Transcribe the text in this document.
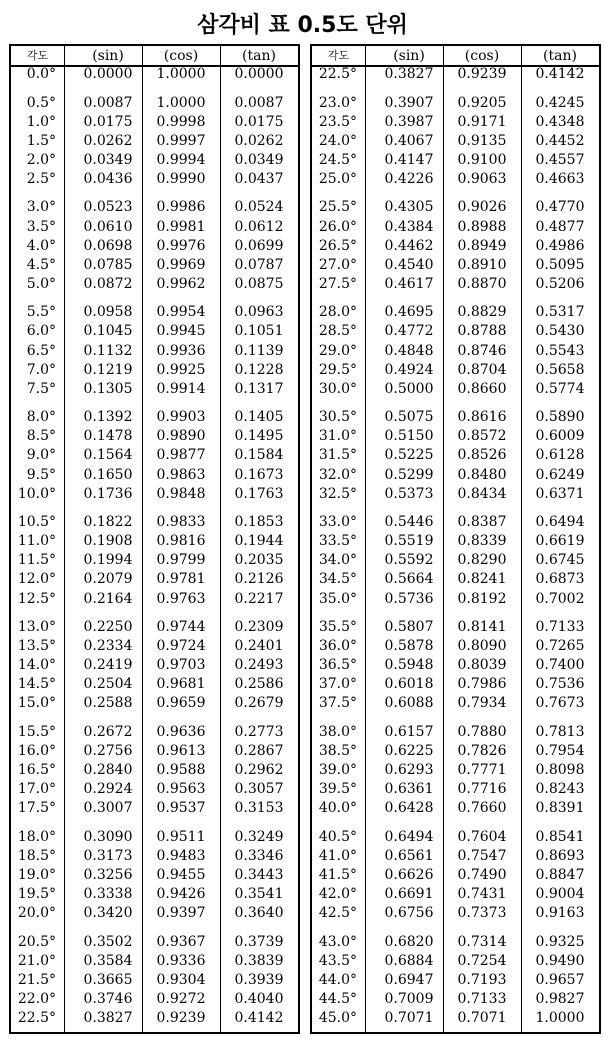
삼각비 표 0.5도 단위
각도	(sin)	(cos)	(tan)
0.0°	0.0000	1.0000	0.0000
0.5°	0.0087	1.0000	0.0087
1.0°	0.0175	0.9998	0.0175
1.5°	0.0262	0.9997	0.0262
2.0°	0.0349	0.9994	0.0349
2.5°	0.0436	0.9990	0.0437
3.0°	0.0523	0.9986	0.0524
3.5°	0.0610	0.9981	0.0612
4.0°	0.0698	0.9976	0.0699
4.5°	0.0785	0.9969	0.0787
5.0°	0.0872	0.9962	0.0875
5.5°	0.0958	0.9954	0.0963
6.0°	0.1045	0.9945	0.1051
6.5°	0.1132	0.9936	0.1139
7.0°	0.1219	0.9925	0.1228
7.5°	0.1305	0.9914	0.1317
8.0°	0.1392	0.9903	0.1405
8.5°	0.1478	0.9890	0.1495
9.0°	0.1564	0.9877	0.1584
9.5°	0.1650	0.9863	0.1673
10.0°	0.1736	0.9848	0.1763
10.5°	0.1822	0.9833	0.1853
11.0°	0.1908	0.9816	0.1944
11.5°	0.1994	0.9799	0.2035
12.0°	0.2079	0.9781	0.2126
12.5°	0.2164	0.9763	0.2217
13.0°	0.2250	0.9744	0.2309
13.5°	0.2334	0.9724	0.2401
14.0°	0.2419	0.9703	0.2493
14.5°	0.2504	0.9681	0.2586
15.0°	0.2588	0.9659	0.2679
15.5°	0.2672	0.9636	0.2773
16.0°	0.2756	0.9613	0.2867
16.5°	0.2840	0.9588	0.2962
17.0°	0.2924	0.9563	0.3057
17.5°	0.3007	0.9537	0.3153
18.0°	0.3090	0.9511	0.3249
18.5°	0.3173	0.9483	0.3346
19.0°	0.3256	0.9455	0.3443
19.5°	0.3338	0.9426	0.3541
20.0°	0.3420	0.9397	0.3640
20.5°	0.3502	0.9367	0.3739
21.0°	0.3584	0.9336	0.3839
21.5°	0.3665	0.9304	0.3939
22.0°	0.3746	0.9272	0.4040
22.5°	0.3827	0.9239	0.4142
각도	(sin)	(cos)	(tan)
22.5°	0.3827	0.9239	0.4142
23.0°	0.3907	0.9205	0.4245
23.5°	0.3987	0.9171	0.4348
24.0°	0.4067	0.9135	0.4452
24.5°	0.4147	0.9100	0.4557
25.0°	0.4226	0.9063	0.4663
25.5°	0.4305	0.9026	0.4770
26.0°	0.4384	0.8988	0.4877
26.5°	0.4462	0.8949	0.4986
27.0°	0.4540	0.8910	0.5095
27.5°	0.4617	0.8870	0.5206
28.0°	0.4695	0.8829	0.5317
28.5°	0.4772	0.8788	0.5430
29.0°	0.4848	0.8746	0.5543
29.5°	0.4924	0.8704	0.5658
30.0°	0.5000	0.8660	0.5774
30.5°	0.5075	0.8616	0.5890
31.0°	0.5150	0.8572	0.6009
31.5°	0.5225	0.8526	0.6128
32.0°	0.5299	0.8480	0.6249
32.5°	0.5373	0.8434	0.6371
33.0°	0.5446	0.8387	0.6494
33.5°	0.5519	0.8339	0.6619
34.0°	0.5592	0.8290	0.6745
34.5°	0.5664	0.8241	0.6873
35.0°	0.5736	0.8192	0.7002
35.5°	0.5807	0.8141	0.7133
36.0°	0.5878	0.8090	0.7265
36.5°	0.5948	0.8039	0.7400
37.0°	0.6018	0.7986	0.7536
37.5°	0.6088	0.7934	0.7673
38.0°	0.6157	0.7880	0.7813
38.5°	0.6225	0.7826	0.7954
39.0°	0.6293	0.7771	0.8098
39.5°	0.6361	0.7716	0.8243
40.0°	0.6428	0.7660	0.8391
40.5°	0.6494	0.7604	0.8541
41.0°	0.6561	0.7547	0.8693
41.5°	0.6626	0.7490	0.8847
42.0°	0.6691	0.7431	0.9004
42.5°	0.6756	0.7373	0.9163
43.0°	0.6820	0.7314	0.9325
43.5°	0.6884	0.7254	0.9490
44.0°	0.6947	0.7193	0.9657
44.5°	0.7009	0.7133	0.9827
45.0°	0.7071	0.7071	1.0000
